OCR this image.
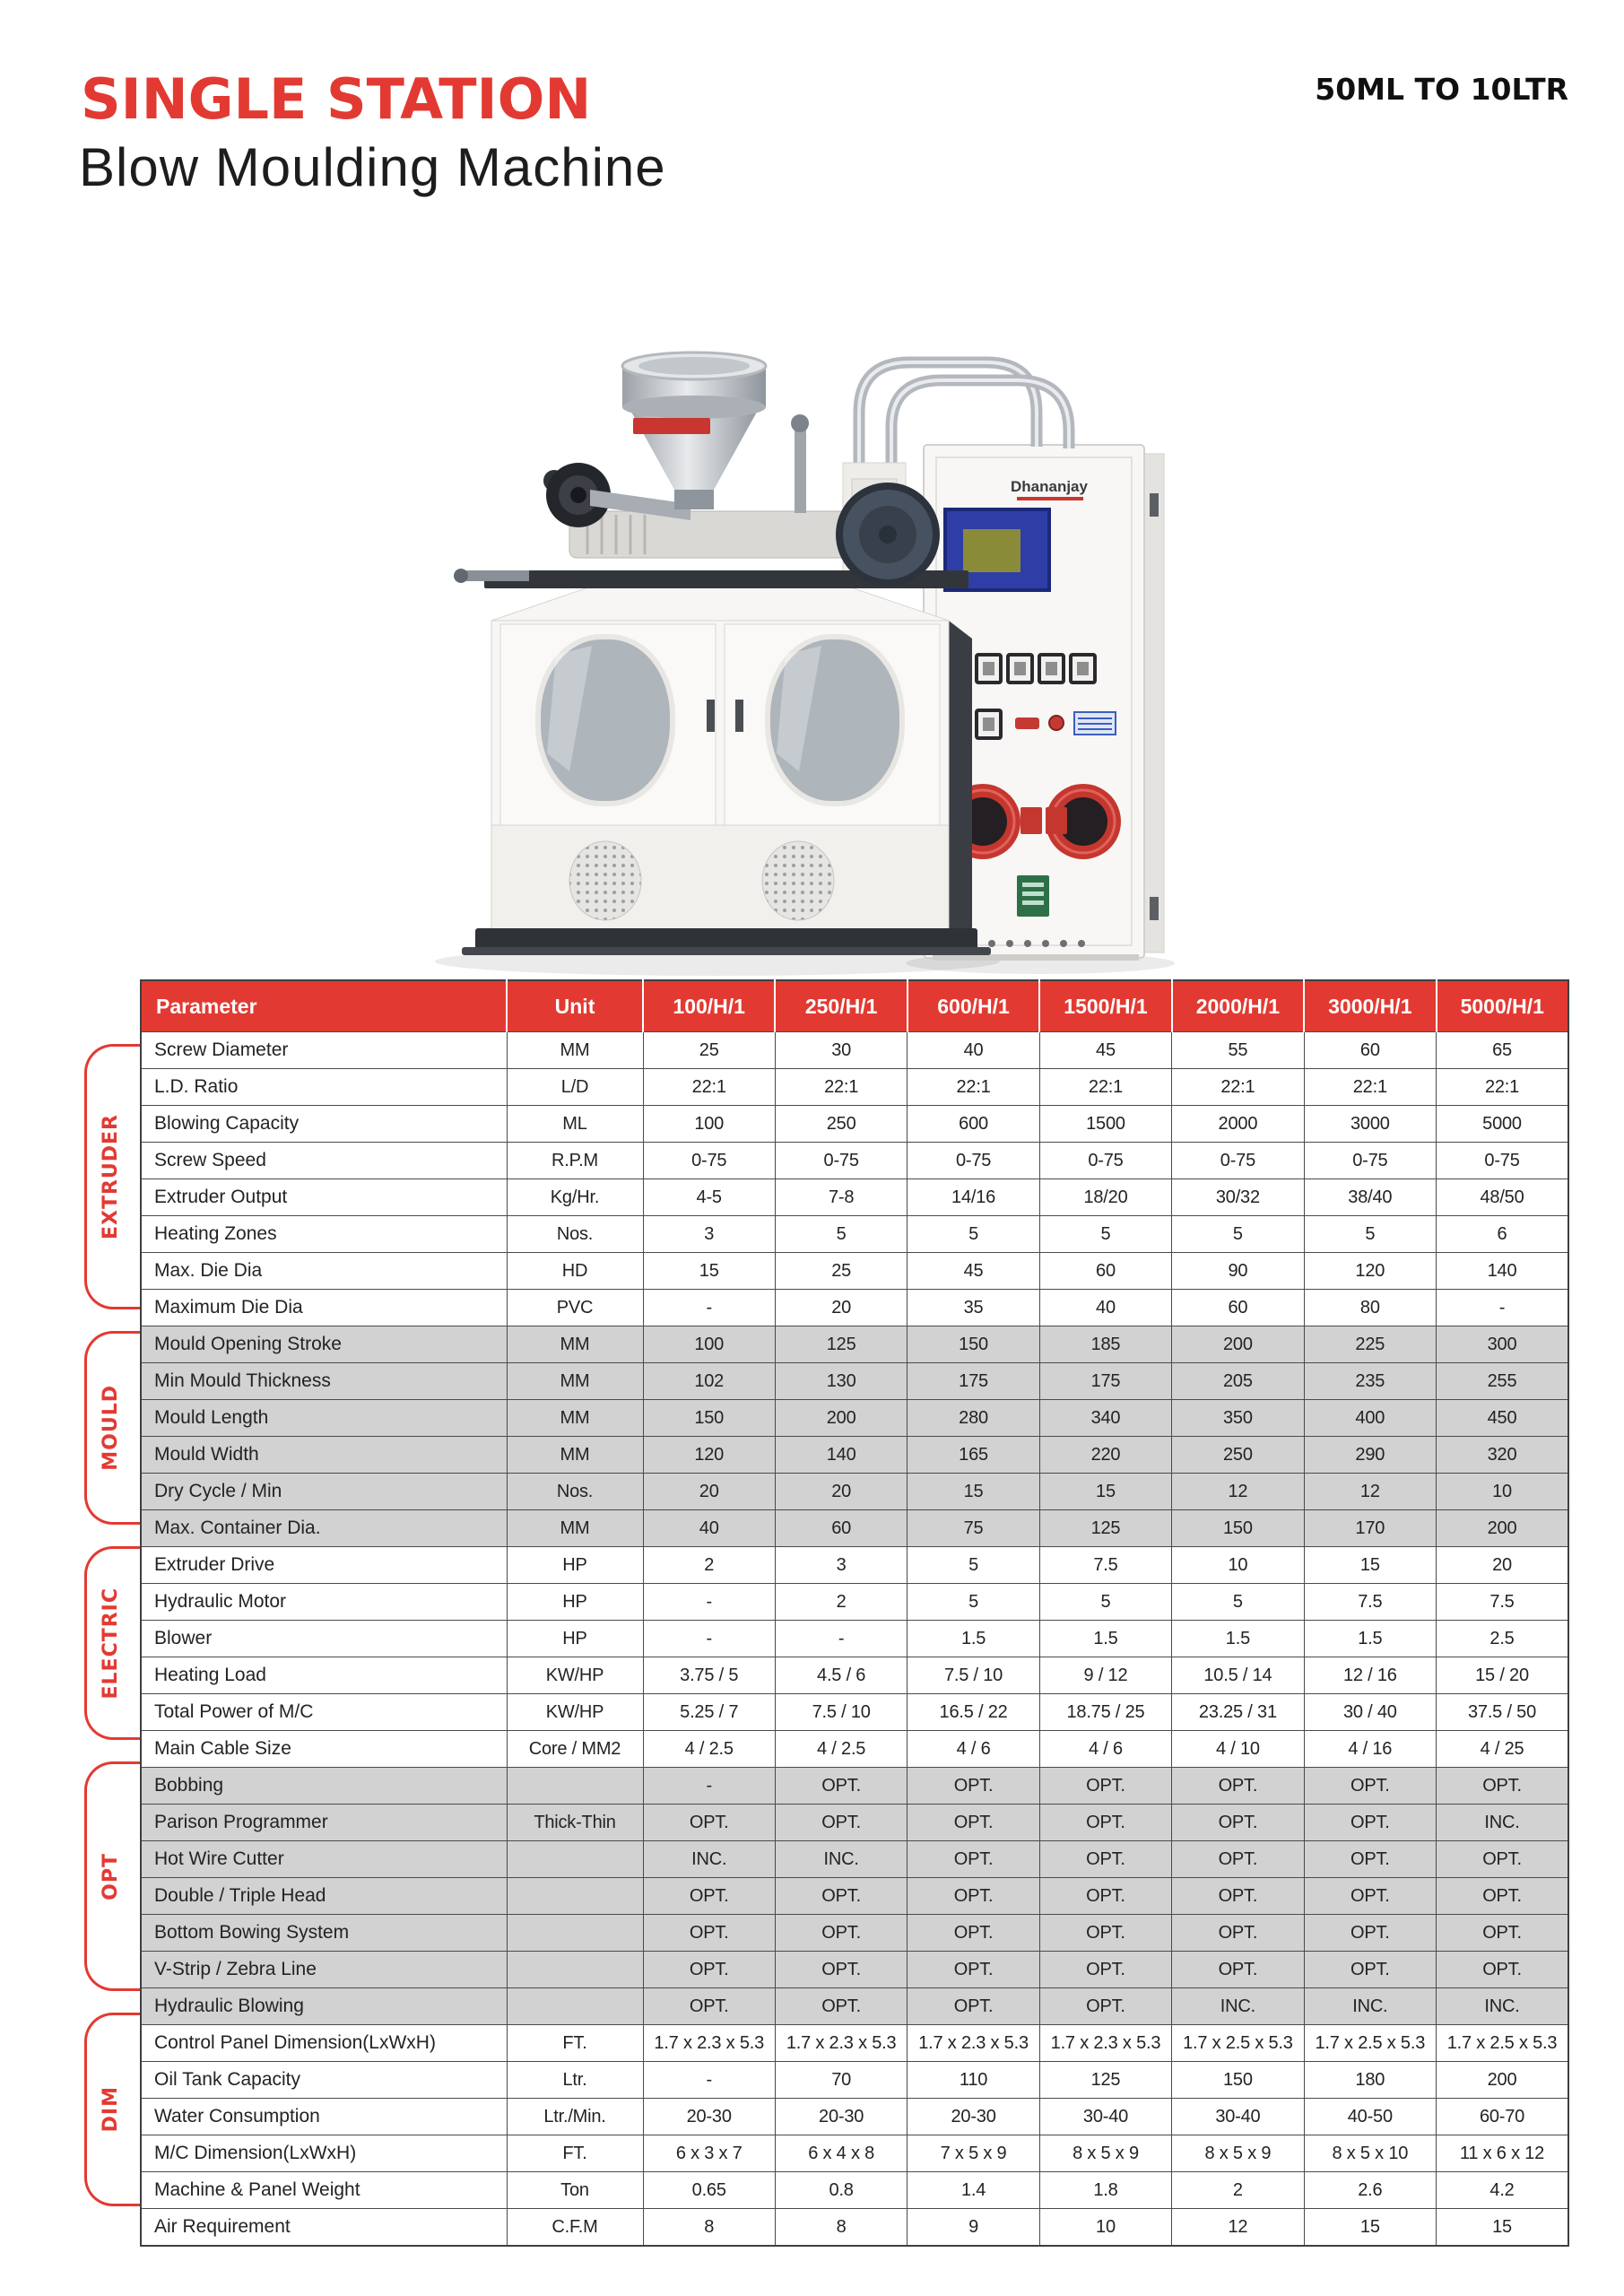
SINGLE STATION
Blow Moulding Machine
50ML TO 10LTR
Dhananjay
Parameter	Unit	100/H/1	250/H/1	600/H/1	1500/H/1	2000/H/1	3000/H/1	5000/H/1
Screw Diameter	MM	25	30	40	45	55	60	65
L.D. Ratio	L/D	22:1	22:1	22:1	22:1	22:1	22:1	22:1
Blowing Capacity	ML	100	250	600	1500	2000	3000	5000
Screw Speed	R.P.M	0-75	0-75	0-75	0-75	0-75	0-75	0-75
Extruder Output	Kg/Hr.	4-5	7-8	14/16	18/20	30/32	38/40	48/50
Heating Zones	Nos.	3	5	5	5	5	5	6
Max. Die Dia	HD	15	25	45	60	90	120	140
Maximum Die Dia	PVC	-	20	35	40	60	80	-
Mould Opening Stroke	MM	100	125	150	185	200	225	300
Min Mould Thickness	MM	102	130	175	175	205	235	255
Mould Length	MM	150	200	280	340	350	400	450
Mould Width	MM	120	140	165	220	250	290	320
Dry Cycle / Min	Nos.	20	20	15	15	12	12	10
Max. Container Dia.	MM	40	60	75	125	150	170	200
Extruder Drive	HP	2	3	5	7.5	10	15	20
Hydraulic Motor	HP	-	2	5	5	5	7.5	7.5
Blower	HP	-	-	1.5	1.5	1.5	1.5	2.5
Heating Load	KW/HP	3.75 / 5	4.5 / 6	7.5 / 10	9 / 12	10.5 / 14	12 / 16	15 / 20
Total Power of M/C	KW/HP	5.25 / 7	7.5 / 10	16.5 / 22	18.75 / 25	23.25 / 31	30 / 40	37.5 / 50
Main Cable Size	Core / MM2	4 / 2.5	4 / 2.5	4 / 6	4 / 6	4 / 10	4 / 16	4 / 25
Bobbing		-	OPT.	OPT.	OPT.	OPT.	OPT.	OPT.
Parison Programmer	Thick-Thin	OPT.	OPT.	OPT.	OPT.	OPT.	OPT.	INC.
Hot Wire Cutter		INC.	INC.	OPT.	OPT.	OPT.	OPT.	OPT.
Double / Triple Head		OPT.	OPT.	OPT.	OPT.	OPT.	OPT.	OPT.
Bottom Bowing System		OPT.	OPT.	OPT.	OPT.	OPT.	OPT.	OPT.
V-Strip / Zebra Line		OPT.	OPT.	OPT.	OPT.	OPT.	OPT.	OPT.
Hydraulic Blowing		OPT.	OPT.	OPT.	OPT.	INC.	INC.	INC.
Control Panel Dimension(LxWxH)	FT.	1.7 x 2.3 x 5.3	1.7 x 2.3 x 5.3	1.7 x 2.3 x 5.3	1.7 x 2.3 x 5.3	1.7 x 2.5 x 5.3	1.7 x 2.5 x 5.3	1.7 x 2.5 x 5.3
Oil Tank Capacity	Ltr.	-	70	110	125	150	180	200
Water Consumption	Ltr./Min.	20-30	20-30	20-30	30-40	30-40	40-50	60-70
M/C Dimension(LxWxH)	FT.	6 x 3 x 7	6 x 4 x 8	7 x 5 x 9	8 x 5 x 9	8 x 5 x 9	8 x 5 x 10	11 x 6 x 12
Machine & Panel Weight	Ton	0.65	0.8	1.4	1.8	2	2.6	4.2
Air Requirement	C.F.M	8	8	9	10	12	15	15
EXTRUDER
MOULD
ELECTRIC
OPT
DIM
